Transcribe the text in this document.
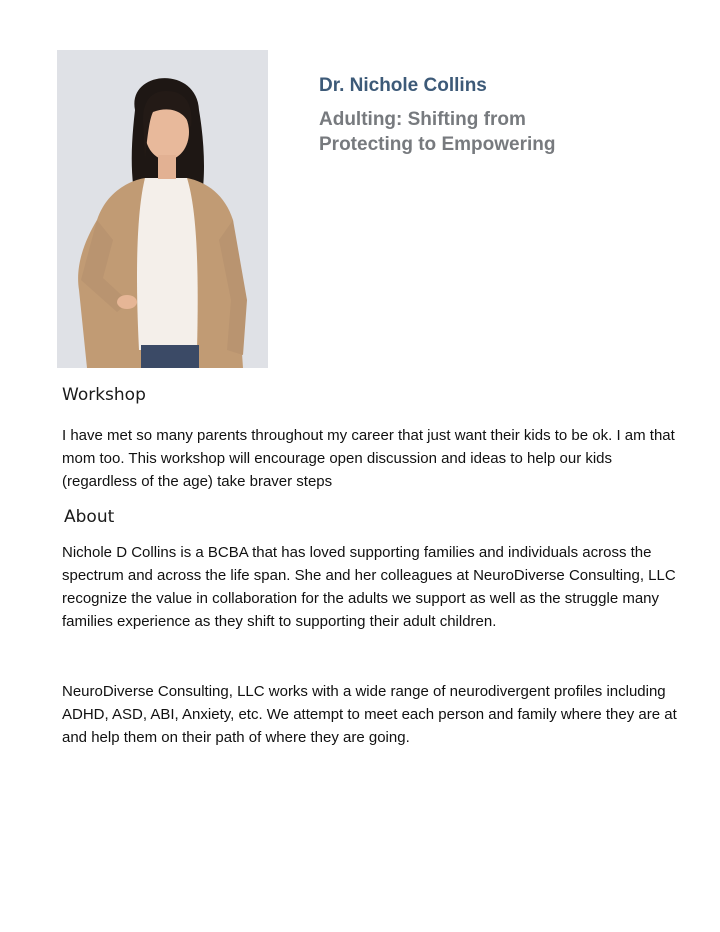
Dr. Nichole Collins
Adulting: Shifting from
Protecting to Empowering
Workshop
I have met so many parents throughout my career that just want their kids to be ok. I am that mom too. This workshop will encourage open discussion and ideas to help our kids (regardless of the age) take braver steps
About
Nichole D Collins is a BCBA that has loved supporting families and individuals across the spectrum and across the life span. She and her colleagues at NeuroDiverse Consulting, LLC recognize the value in collaboration for the adults we support as well as the struggle many families experience as they shift to supporting their adult children.
NeuroDiverse Consulting, LLC works with a wide range of neurodivergent profiles including ADHD, ASD, ABI, Anxiety, etc. We attempt to meet each person and family where they are at and help them on their path of where they are going.
